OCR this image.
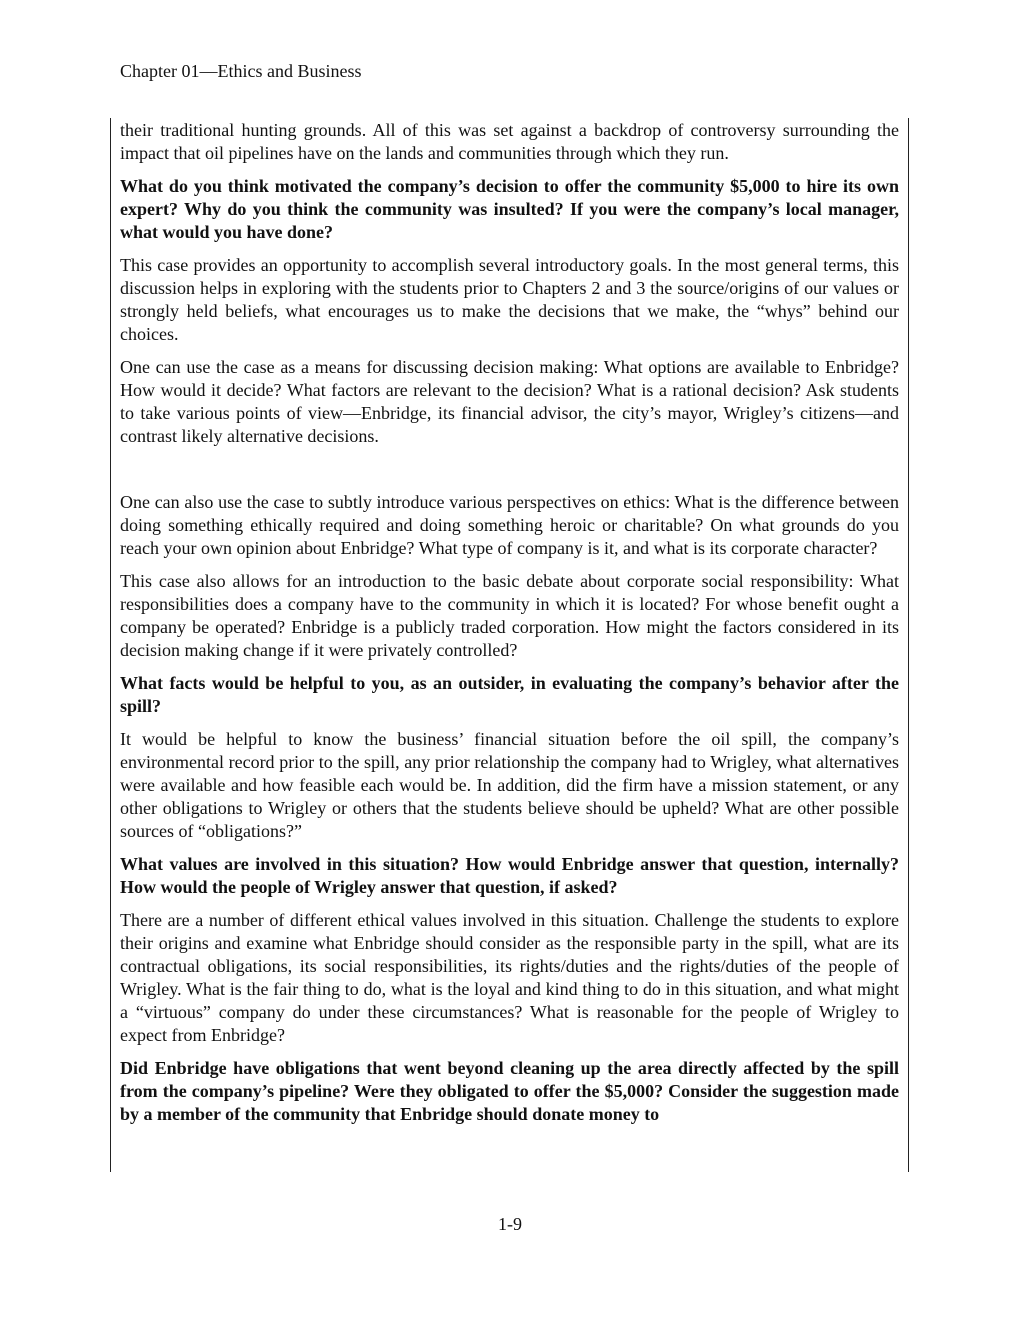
Chapter 01—Ethics and Business

their traditional hunting grounds. All of this was set against a backdrop of controversy surrounding the impact that oil pipelines have on the lands and communities through which they run.

What do you think motivated the company’s decision to offer the community $5,000 to hire its own expert? Why do you think the community was insulted? If you were the company’s local manager, what would you have done?

This case provides an opportunity to accomplish several introductory goals. In the most general terms, this discussion helps in exploring with the students prior to Chapters 2 and 3 the source/origins of our values or strongly held beliefs, what encourages us to make the decisions that we make, the “whys” behind our choices.

One can use the case as a means for discussing decision making: What options are available to Enbridge? How would it decide? What factors are relevant to the decision? What is a rational decision? Ask students to take various points of view—Enbridge, its financial advisor, the city’s mayor, Wrigley’s citizens—and contrast likely alternative decisions.

One can also use the case to subtly introduce various perspectives on ethics: What is the difference between doing something ethically required and doing something heroic or charitable? On what grounds do you reach your own opinion about Enbridge? What type of company is it, and what is its corporate character?

This case also allows for an introduction to the basic debate about corporate social responsibility: What responsibilities does a company have to the community in which it is located? For whose benefit ought a company be operated? Enbridge is a publicly traded corporation. How might the factors considered in its decision making change if it were privately controlled?

What facts would be helpful to you, as an outsider, in evaluating the company’s behavior after the spill?

It would be helpful to know the business’ financial situation before the oil spill, the company’s environmental record prior to the spill, any prior relationship the company had to Wrigley, what alternatives were available and how feasible each would be. In addition, did the firm have a mission statement, or any other obligations to Wrigley or others that the students believe should be upheld? What are other possible sources of “obligations?”

What values are involved in this situation? How would Enbridge answer that question, internally? How would the people of Wrigley answer that question, if asked?

There are a number of different ethical values involved in this situation. Challenge the students to explore their origins and examine what Enbridge should consider as the responsible party in the spill, what are its contractual obligations, its social responsibilities, its rights/duties and the rights/duties of the people of Wrigley. What is the fair thing to do, what is the loyal and kind thing to do in this situation, and what might a “virtuous” company do under these circumstances? What is reasonable for the people of Wrigley to expect from Enbridge?

Did Enbridge have obligations that went beyond cleaning up the area directly affected by the spill from the company’s pipeline? Were they obligated to offer the $5,000? Consider the suggestion made by a member of the community that Enbridge should donate money to

1-9
